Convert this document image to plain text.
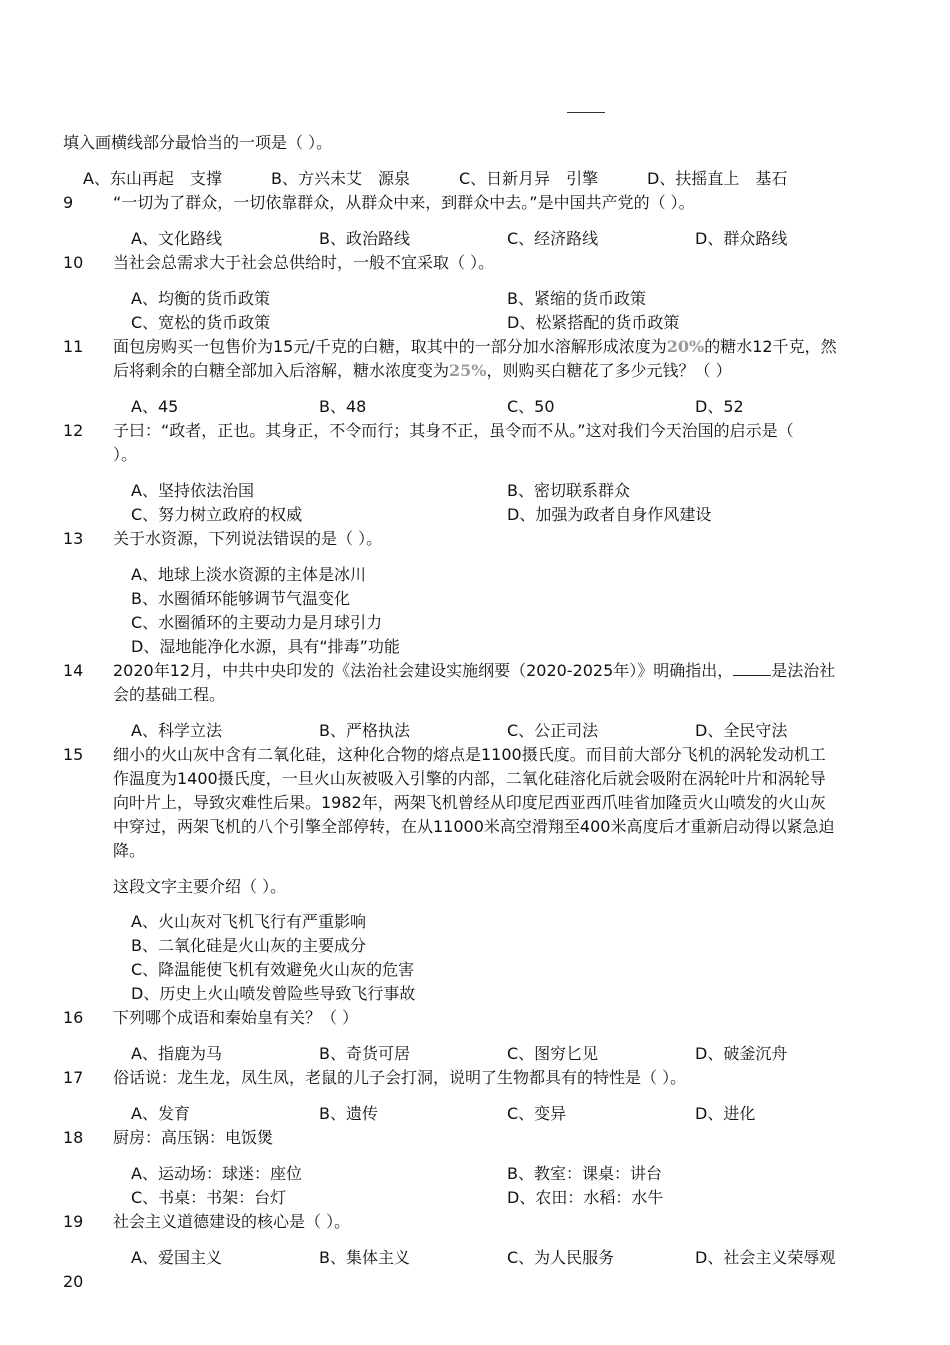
填入画横线部分最恰当的一项是（ ）。
A、东山再起　支撑	B、方兴未艾　源泉	C、日新月异　引擎	D、扶摇直上　基石
9 “一切为了群众，一切依靠群众，从群众中来，到群众中去。”是中国共产党的（ ）。
A、文化路线	B、政治路线	C、经济路线	D、群众路线
10 当社会总需求大于社会总供给时，一般不宜采取（ ）。
A、均衡的货币政策	B、紧缩的货币政策
C、宽松的货币政策	D、松紧搭配的货币政策
11 面包房购买一包售价为15元/千克的白糖，取其中的一部分加水溶解形成浓度为20%的糖水12千克，然
后将剩余的白糖全部加入后溶解，糖水浓度变为25%，则购买白糖花了多少元钱？（ ）
A、45	B、48	C、50	D、52
12 子曰：“政者，正也。其身正，不令而行；其身不正，虽令而不从。”这对我们今天治国的启示是（
）。
A、坚持依法治国	B、密切联系群众
C、努力树立政府的权威	D、加强为政者自身作风建设
13 关于水资源，下列说法错误的是（ ）。
A、地球上淡水资源的主体是冰川
B、水圈循环能够调节气温变化
C、水圈循环的主要动力是月球引力
D、湿地能净化水源，具有“排毒”功能
14 2020年12月，中共中央印发的《法治社会建设实施纲要（2020-2025年）》明确指出， 是法治社
会的基础工程。
A、科学立法	B、严格执法	C、公正司法	D、全民守法
15 细小的火山灰中含有二氧化硅，这种化合物的熔点是1100摄氏度。而目前大部分飞机的涡轮发动机工
作温度为1400摄氏度，一旦火山灰被吸入引擎的内部，二氧化硅溶化后就会吸附在涡轮叶片和涡轮导
向叶片上，导致灾难性后果。1982年，两架飞机曾经从印度尼西亚西爪哇省加隆贡火山喷发的火山灰
中穿过，两架飞机的八个引擎全部停转，在从11000米高空滑翔至400米高度后才重新启动得以紧急迫
降。
这段文字主要介绍（ ）。
A、火山灰对飞机飞行有严重影响
B、二氧化硅是火山灰的主要成分
C、降温能使飞机有效避免火山灰的危害
D、历史上火山喷发曾险些导致飞行事故
16 下列哪个成语和秦始皇有关？（ ）
A、指鹿为马	B、奇货可居	C、图穷匕见	D、破釜沉舟
17 俗话说：龙生龙，凤生凤，老鼠的儿子会打洞，说明了生物都具有的特性是（ ）。
A、发育	B、遗传	C、变异	D、进化
18 厨房：高压锅：电饭煲
A、运动场：球迷：座位	B、教室：课桌：讲台
C、书桌：书架：台灯	D、农田：水稻：水牛
19 社会主义道德建设的核心是（ ）。
A、爱国主义	B、集体主义	C、为人民服务	D、社会主义荣辱观
20
